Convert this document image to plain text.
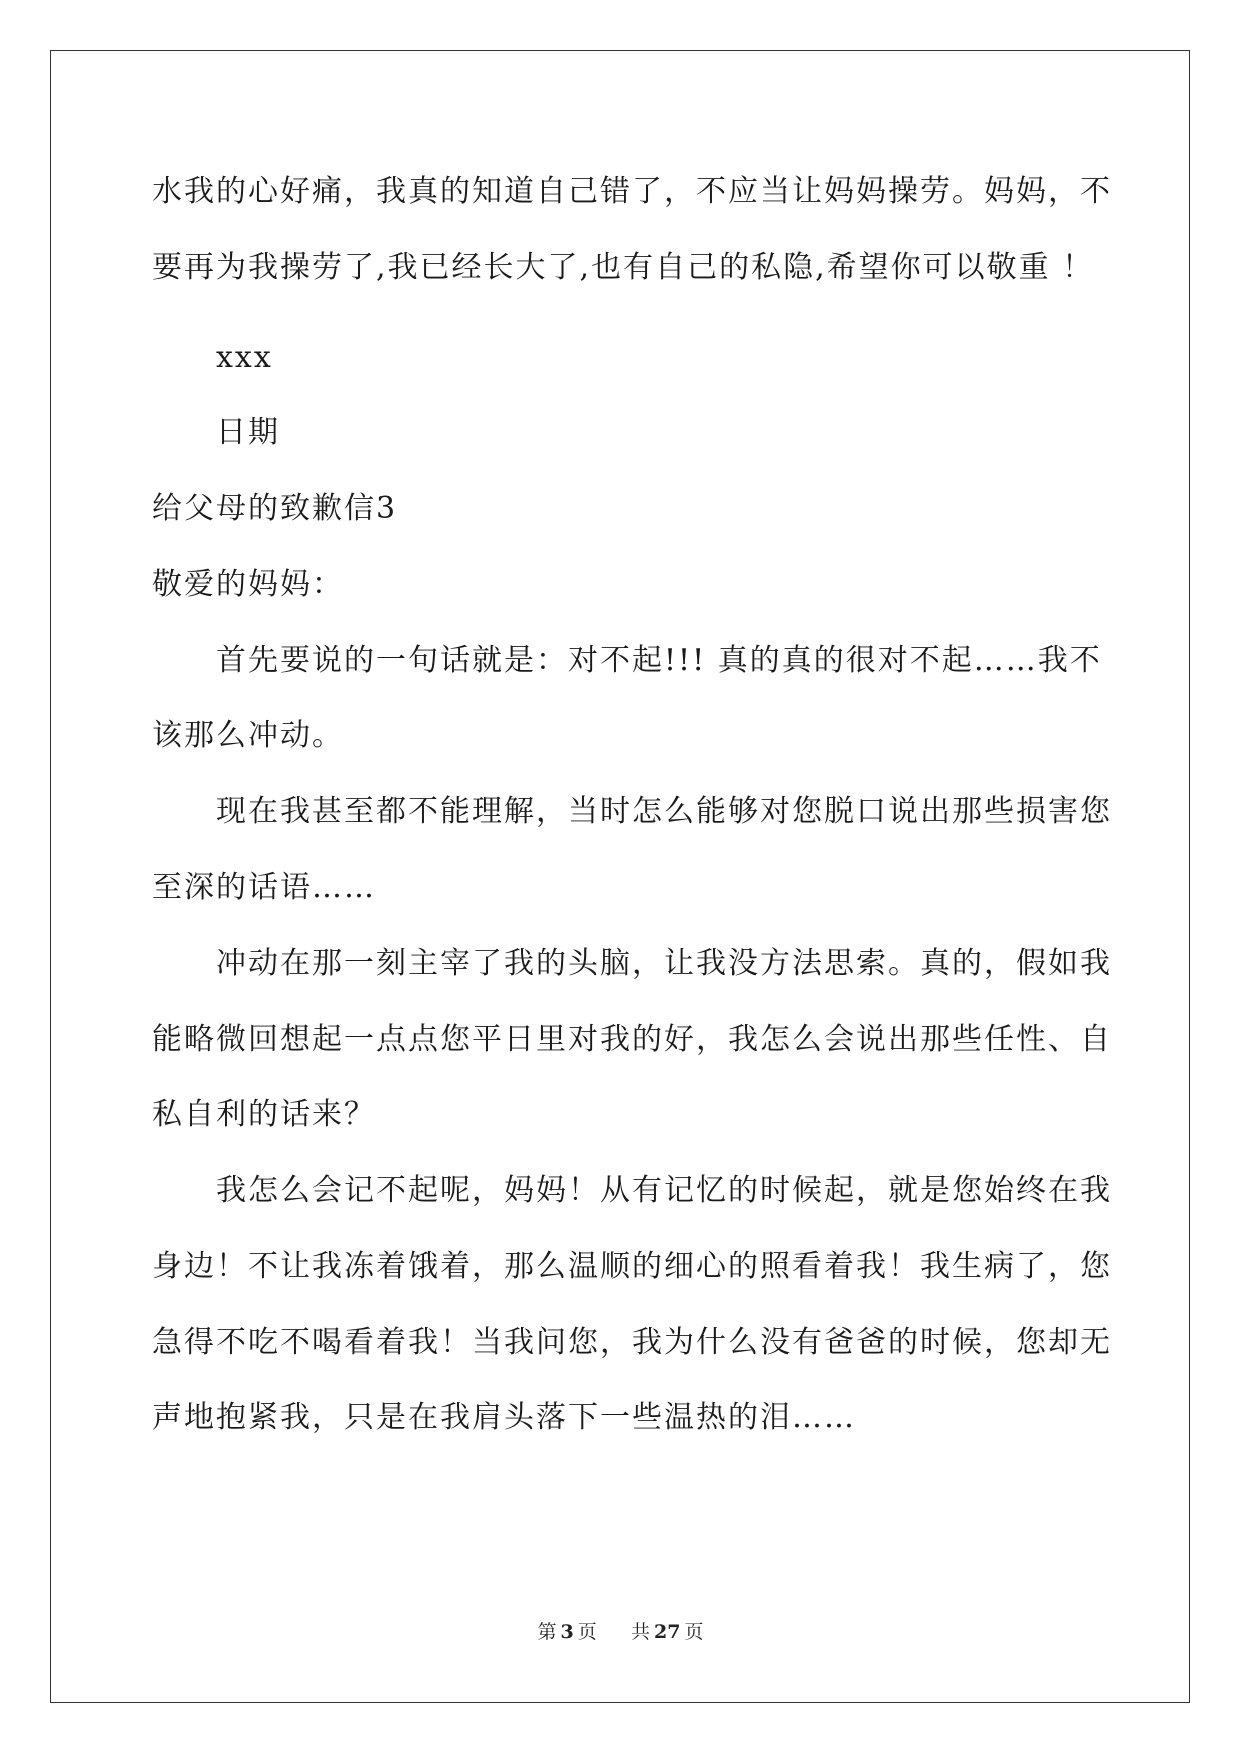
水我的心好痛，我真的知道自己错了，不应当让妈妈操劳。妈妈，不
要再为我操劳了,我已经长大了,也有自己的私隐,希望你可以敬重 ！
xxx
日期
给父母的致歉信3
敬爱的妈妈：
首先要说的一句话就是：对不起!!! 真的真的很对不起……我不
该那么冲动。
现在我甚至都不能理解，当时怎么能够对您脱口说出那些损害您
至深的话语……
冲动在那一刻主宰了我的头脑，让我没方法思索。真的，假如我
能略微回想起一点点您平日里对我的好，我怎么会说出那些任性、自
私自利的话来？
我怎么会记不起呢，妈妈！从有记忆的时候起，就是您始终在我
身边！不让我冻着饿着，那么温顺的细心的照看着我！我生病了，您
急得不吃不喝看着我！当我问您，我为什么没有爸爸的时候，您却无
声地抱紧我，只是在我肩头落下一些温热的泪……
第 3 页 共 27 页
